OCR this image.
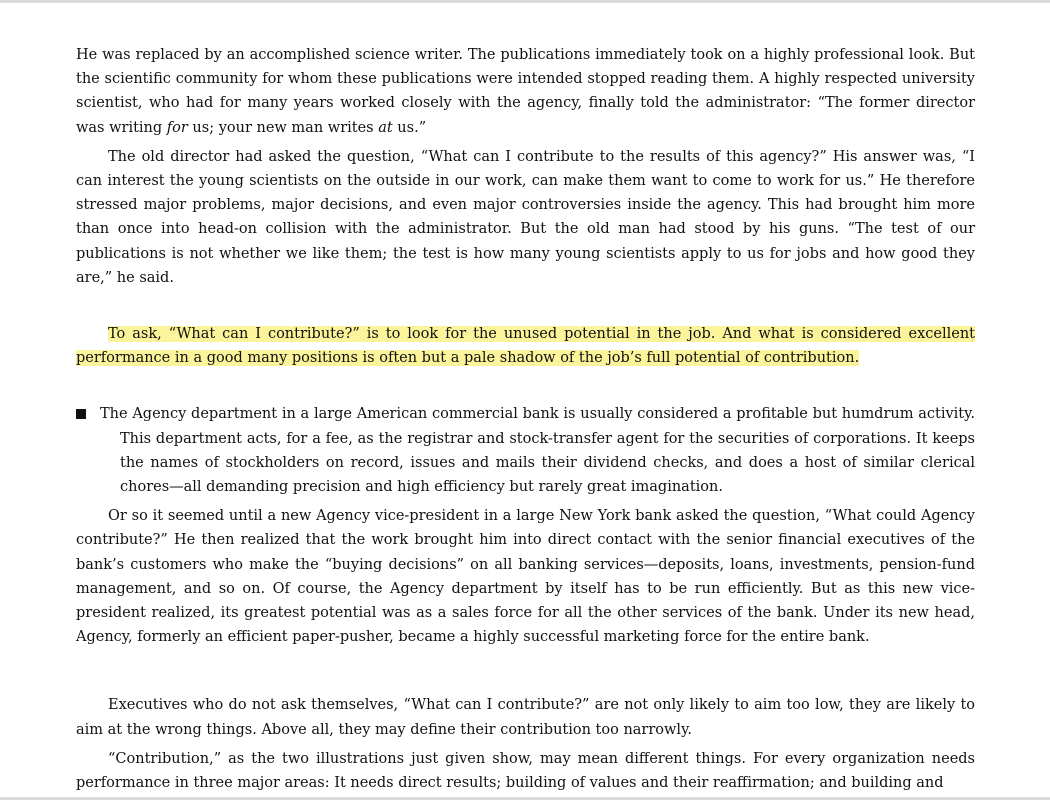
He was replaced by an accomplished science writer. The publications immediately took on a highly professional look. But the scientific community for whom these publications were intended stopped reading them. A highly respected university scientist, who had for many years worked closely with the agency, finally told the administrator: “The former director was writing for us; your new man writes at us.”

The old director had asked the question, “What can I contribute to the results of this agency?” His answer was, “I can interest the young scientists on the outside in our work, can make them want to come to work for us.” He therefore stressed major problems, major decisions, and even major controversies inside the agency. This had brought him more than once into head-on collision with the administrator. But the old man had stood by his guns. “The test of our publications is not whether we like them; the test is how many young scientists apply to us for jobs and how good they are,” he said.

To ask, “What can I contribute?” is to look for the unused potential in the job. And what is considered excellent performance in a good many positions is often but a pale shadow of the job’s full potential of contribution.

The Agency department in a large American commercial bank is usually considered a profitable but humdrum activity. This department acts, for a fee, as the registrar and stock-transfer agent for the securities of corporations. It keeps the names of stockholders on record, issues and mails their dividend checks, and does a host of similar clerical chores—all demanding precision and high efficiency but rarely great imagination.

Or so it seemed until a new Agency vice-president in a large New York bank asked the question, “What could Agency contribute?” He then realized that the work brought him into direct contact with the senior financial executives of the bank’s customers who make the “buying decisions” on all banking services—deposits, loans, investments, pension-fund management, and so on. Of course, the Agency department by itself has to be run efficiently. But as this new vice-president realized, its greatest potential was as a sales force for all the other services of the bank. Under its new head, Agency, formerly an efficient paper-pusher, became a highly successful marketing force for the entire bank.

Executives who do not ask themselves, “What can I contribute?” are not only likely to aim too low, they are likely to aim at the wrong things. Above all, they may define their contribution too narrowly.

“Contribution,” as the two illustrations just given show, may mean different things. For every organization needs performance in three major areas: It needs direct results; building of values and their reaffirmation; and building and
